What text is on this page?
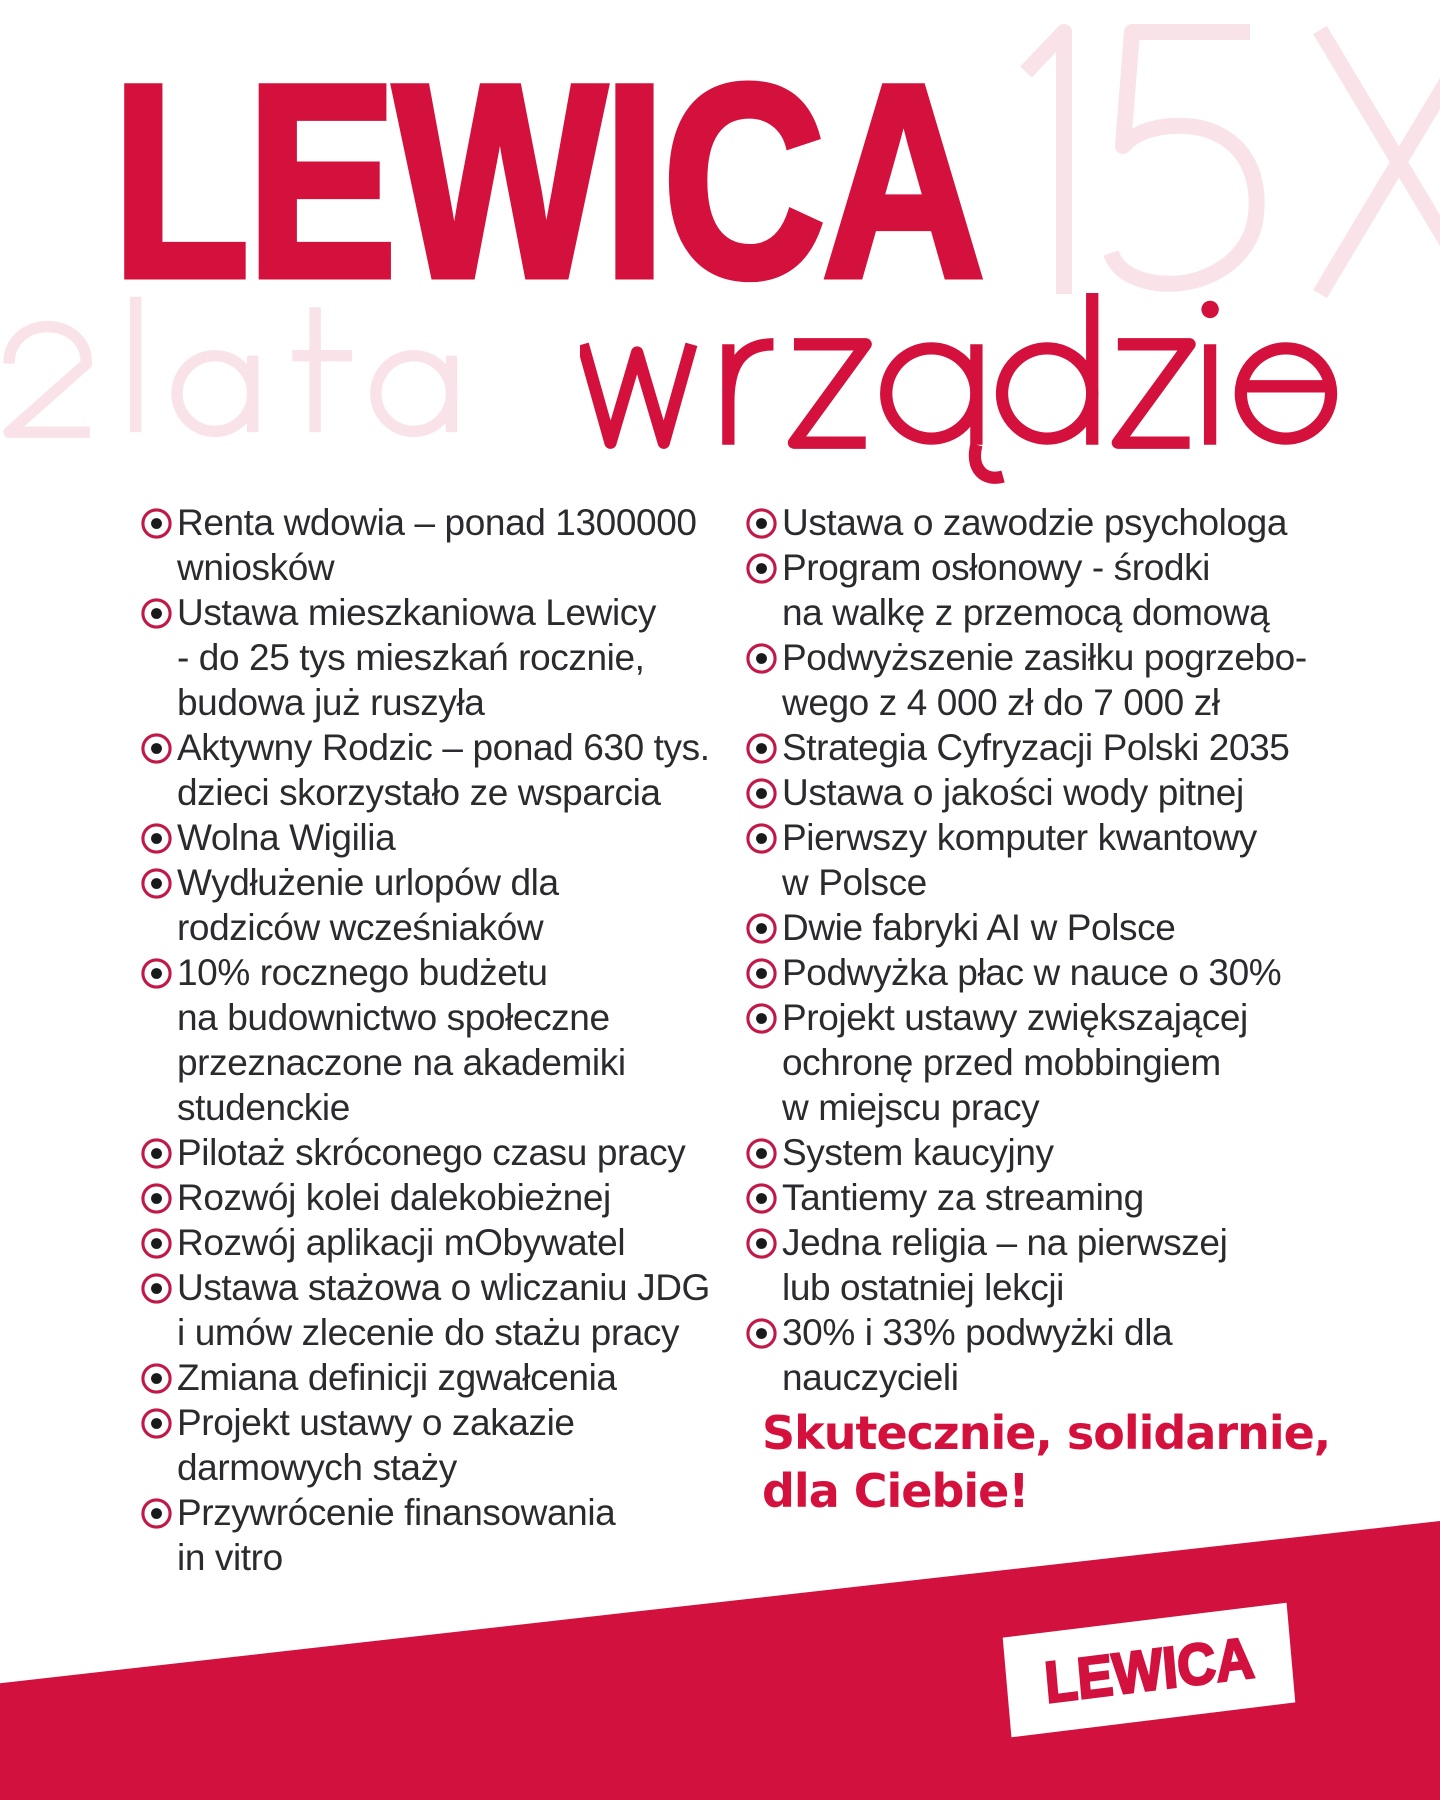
LEWICA
Renta wdowia – ponad 1300000
wniosków
Ustawa mieszkaniowa Lewicy
- do 25 tys mieszkań rocznie,
budowa już ruszyła
Aktywny Rodzic – ponad 630 tys.
dzieci skorzystało ze wsparcia
Wolna Wigilia
Wydłużenie urlopów dla
rodziców wcześniaków
10% rocznego budżetu
na budownictwo społeczne
przeznaczone na akademiki
studenckie
Pilotaż skróconego czasu pracy
Rozwój kolei dalekobieżnej
Rozwój aplikacji mObywatel
Ustawa stażowa o wliczaniu JDG
i umów zlecenie do stażu pracy
Zmiana definicji zgwałcenia
Projekt ustawy o zakazie
darmowych staży
Przywrócenie finansowania
in vitro
Ustawa o zawodzie psychologa
Program osłonowy - środki
na walkę z przemocą domową
Podwyższenie zasiłku pogrzebo-
wego z 4 000 zł do 7 000 zł
Strategia Cyfryzacji Polski 2035
Ustawa o jakości wody pitnej
Pierwszy komputer kwantowy
w Polsce
Dwie fabryki AI w Polsce
Podwyżka płac w nauce o 30%
Projekt ustawy zwiększającej
ochronę przed mobbingiem
w miejscu pracy
System kaucyjny
Tantiemy za streaming
Jedna religia – na pierwszej
lub ostatniej lekcji
30% i 33% podwyżki dla
nauczycieli
Skutecznie, solidarnie,
dla Ciebie!
LEWICA
